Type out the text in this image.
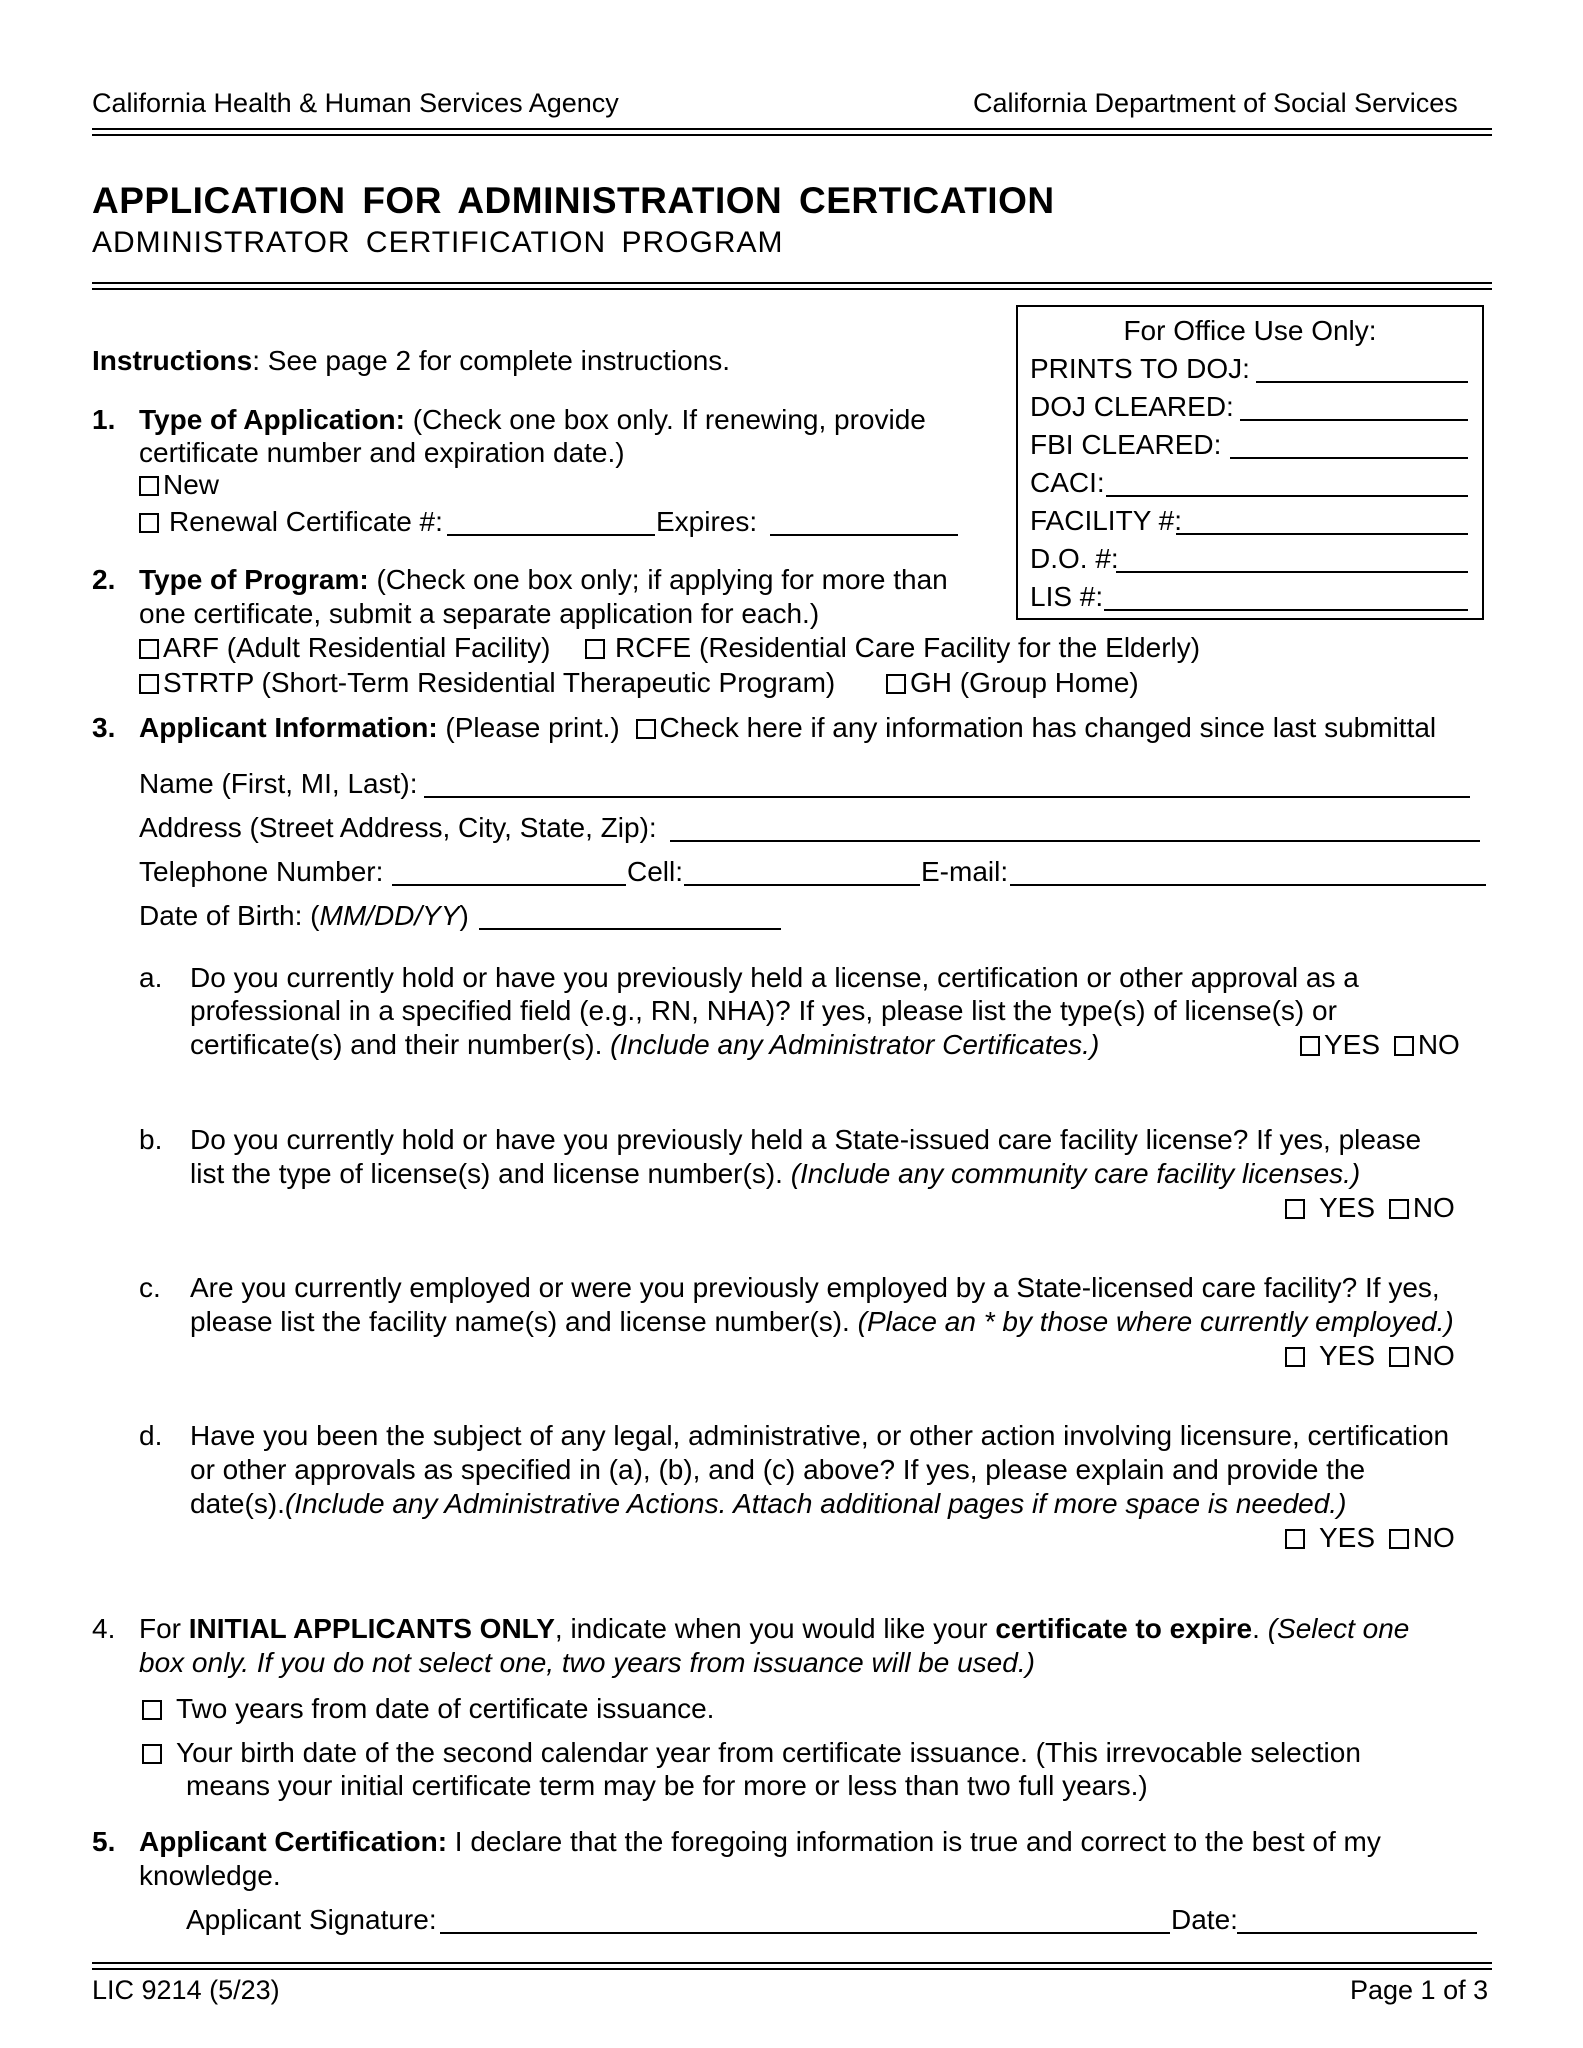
California Health & Human Services Agency	California Department of Social Services
APPLICATION FOR ADMINISTRATION CERTICATION
ADMINISTRATOR CERTIFICATION PROGRAM
For Office Use Only:
PRINTS TO DOJ:
DOJ CLEARED:
FBI CLEARED:
CACI:
FACILITY #:
D.O. #:
LIS #:
Instructions: See page 2 for complete instructions.
1. Type of Application: (Check one box only. If renewing, provide
certificate number and expiration date.)
New
Renewal Certificate #:	Expires:
2. Type of Program: (Check one box only; if applying for more than
one certificate, submit a separate application for each.)
ARF (Adult Residential Facility)	RCFE (Residential Care Facility for the Elderly)
STRTP (Short-Term Residential Therapeutic Program)	GH (Group Home)
3. Applicant Information: (Please print.) Check here if any information has changed since last submittal
Name (First, MI, Last):
Address (Street Address, City, State, Zip):
Telephone Number:	Cell:	E-mail:
Date of Birth: (MM/DD/YY)
a. Do you currently hold or have you previously held a license, certification or other approval as a
professional in a specified field (e.g., RN, NHA)? If yes, please list the type(s) of license(s) or
certificate(s) and their number(s). (Include any Administrator Certificates.)	YES NO
b. Do you currently hold or have you previously held a State-issued care facility license? If yes, please
list the type of license(s) and license number(s). (Include any community care facility licenses.)
YES NO
c. Are you currently employed or were you previously employed by a State-licensed care facility? If yes,
please list the facility name(s) and license number(s). (Place an * by those where currently employed.)
YES NO
d. Have you been the subject of any legal, administrative, or other action involving licensure, certification
or other approvals as specified in (a), (b), and (c) above? If yes, please explain and provide the
date(s).(Include any Administrative Actions. Attach additional pages if more space is needed.)
YES NO
4. For INITIAL APPLICANTS ONLY, indicate when you would like your certificate to expire. (Select one
box only. If you do not select one, two years from issuance will be used.)
Two years from date of certificate issuance.
Your birth date of the second calendar year from certificate issuance. (This irrevocable selection
means your initial certificate term may be for more or less than two full years.)
5. Applicant Certification: I declare that the foregoing information is true and correct to the best of my
knowledge.
Applicant Signature:	Date:
LIC 9214 (5/23)	Page 1 of 3
